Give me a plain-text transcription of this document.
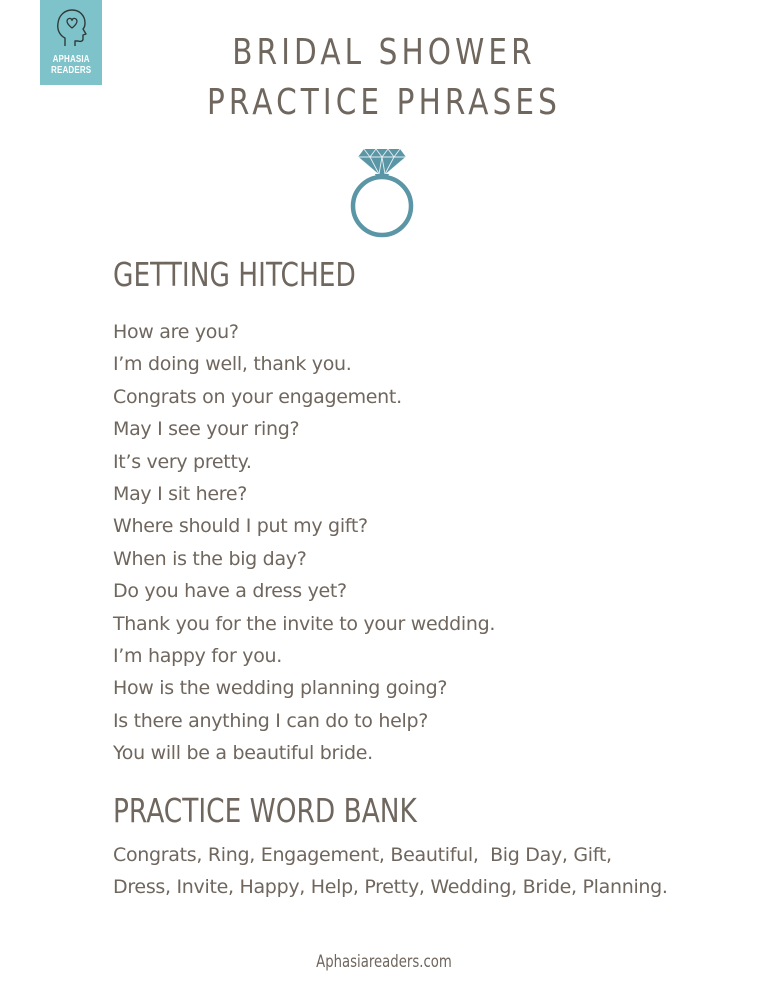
APHASIA
READERS	BRIDAL SHOWER
PRACTICE PHRASES
GETTING HITCHED
How are you?
I’m doing well, thank you.
Congrats on your engagement.
May I see your ring?
It’s very pretty.
May I sit here?
Where should I put my gift?
When is the big day?
Do you have a dress yet?
Thank you for the invite to your wedding.
I’m happy for you.
How is the wedding planning going?
Is there anything I can do to help?
You will be a beautiful bride.
PRACTICE WORD BANK

Congrats, Ring, Engagement, Beautiful,  Big Day, Gift, Dress, Invite, Happy, Help, Pretty, Wedding, Bride, Planning.

Aphasiareaders.com
